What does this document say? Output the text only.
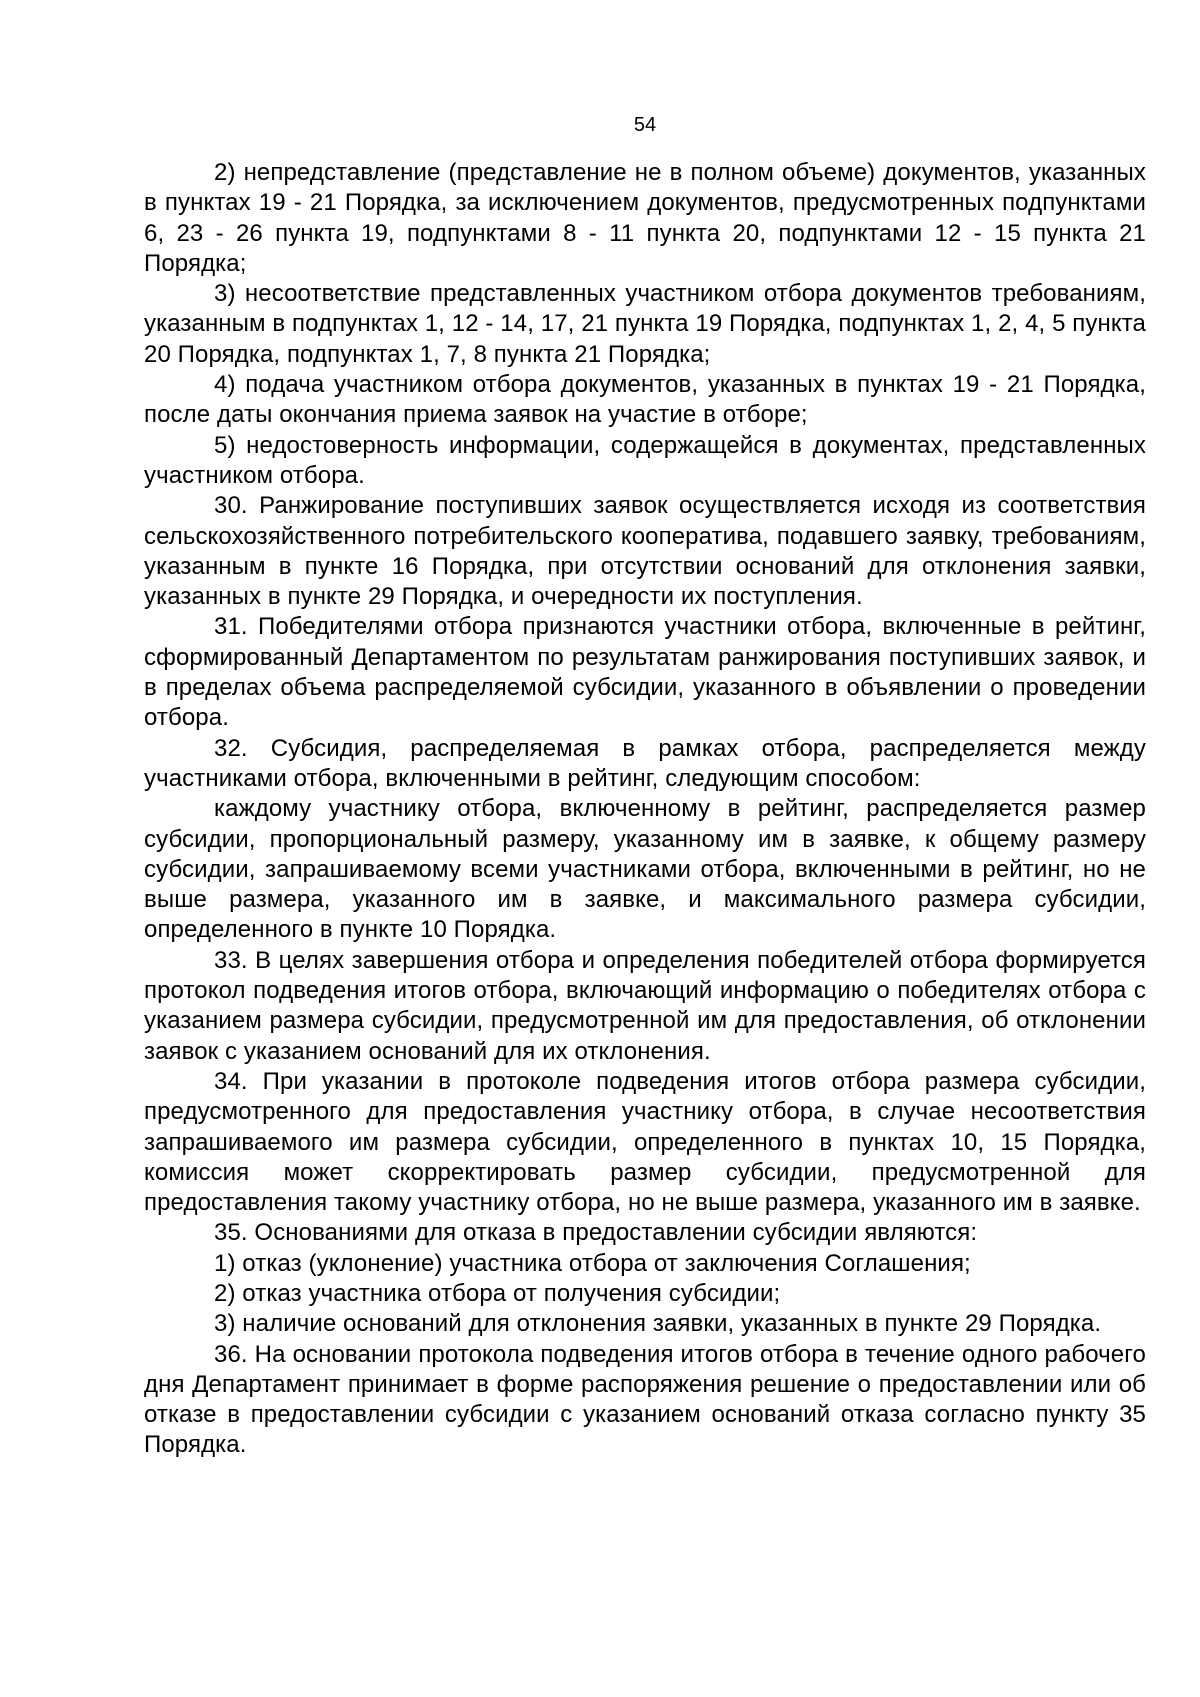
54

2) непредставление (представление не в полном объеме) документов, указанных в пунктах 19 - 21 Порядка, за исключением документов, предусмотренных подпунктами 6, 23 - 26 пункта 19, подпунктами 8 - 11 пункта 20, подпунктами 12 - 15 пункта 21 Порядка;

3) несоответствие представленных участником отбора документов требованиям, указанным в подпунктах 1, 12 - 14, 17, 21 пункта 19 Порядка, подпунктах 1, 2, 4, 5 пункта 20 Порядка, подпунктах 1, 7, 8 пункта 21 Порядка;

4) подача участником отбора документов, указанных в пунктах 19 - 21 Порядка, после даты окончания приема заявок на участие в отборе;

5) недостоверность информации, содержащейся в документах, представленных участником отбора.

30. Ранжирование поступивших заявок осуществляется исходя из соответствия сельскохозяйственного потребительского кооператива, подавшего заявку, требованиям, указанным в пункте 16 Порядка, при отсутствии оснований для отклонения заявки, указанных в пункте 29 Порядка, и очередности их поступления.

31. Победителями отбора признаются участники отбора, включенные в рейтинг, сформированный Департаментом по результатам ранжирования поступивших заявок, и в пределах объема распределяемой субсидии, указанного в объявлении о проведении отбора.

32. Субсидия, распределяемая в рамках отбора, распределяется между участниками отбора, включенными в рейтинг, следующим способом:

каждому участнику отбора, включенному в рейтинг, распределяется размер субсидии, пропорциональный размеру, указанному им в заявке, к общему размеру субсидии, запрашиваемому всеми участниками отбора, включенными в рейтинг, но не выше размера, указанного им в заявке, и максимального размера субсидии, определенного в пункте 10 Порядка.

33. В целях завершения отбора и определения победителей отбора формируется протокол подведения итогов отбора, включающий информацию о победителях отбора с указанием размера субсидии, предусмотренной им для предоставления, об отклонении заявок с указанием оснований для их отклонения.

34. При указании в протоколе подведения итогов отбора размера субсидии, предусмотренного для предоставления участнику отбора, в случае несоответствия запрашиваемого им размера субсидии, определенного в пунктах 10, 15 Порядка, комиссия может скорректировать размер субсидии, предусмотренной для предоставления такому участнику отбора, но не выше размера, указанного им в заявке.

35. Основаниями для отказа в предоставлении субсидии являются:

1) отказ (уклонение) участника отбора от заключения Соглашения;

2) отказ участника отбора от получения субсидии;

3) наличие оснований для отклонения заявки, указанных в пункте 29 Порядка.

36. На основании протокола подведения итогов отбора в течение одного рабочего дня Департамент принимает в форме распоряжения решение о предоставлении или об отказе в предоставлении субсидии с указанием оснований отказа согласно пункту 35 Порядка.
